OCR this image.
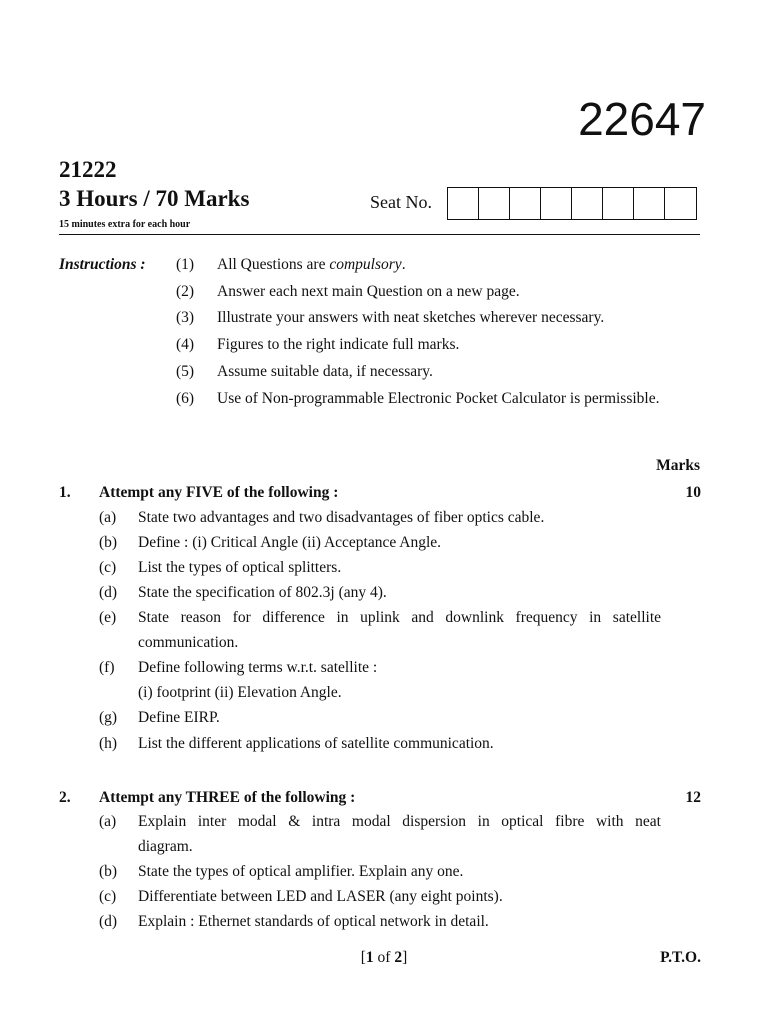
22647
21222
3 Hours / 70 Marks
15 minutes extra for each hour
Seat No.
Instructions : (1) All Questions are compulsory.
(2) Answer each next main Question on a new page.
(3) Illustrate your answers with neat sketches wherever necessary.
(4) Figures to the right indicate full marks.
(5) Assume suitable data, if necessary.
(6) Use of Non-programmable Electronic Pocket Calculator is permissible.
Marks
1. Attempt any FIVE of the following :	10
(a) State two advantages and two disadvantages of fiber optics cable.
(b) Define : (i) Critical Angle (ii) Acceptance Angle.
(c) List the types of optical splitters.
(d) State the specification of 802.3j (any 4).
(e) State reason for difference in uplink and downlink frequency in satellite
communication.
(f) Define following terms w.r.t. satellite :
(i) footprint (ii) Elevation Angle.
(g) Define EIRP.
(h) List the different applications of satellite communication.
2. Attempt any THREE of the following :	12
(a) Explain inter modal & intra modal dispersion in optical fibre with neat
diagram.
(b) State the types of optical amplifier. Explain any one.
(c) Differentiate between LED and LASER (any eight points).
(d) Explain : Ethernet standards of optical network in detail.
[1 of 2]	P.T.O.
